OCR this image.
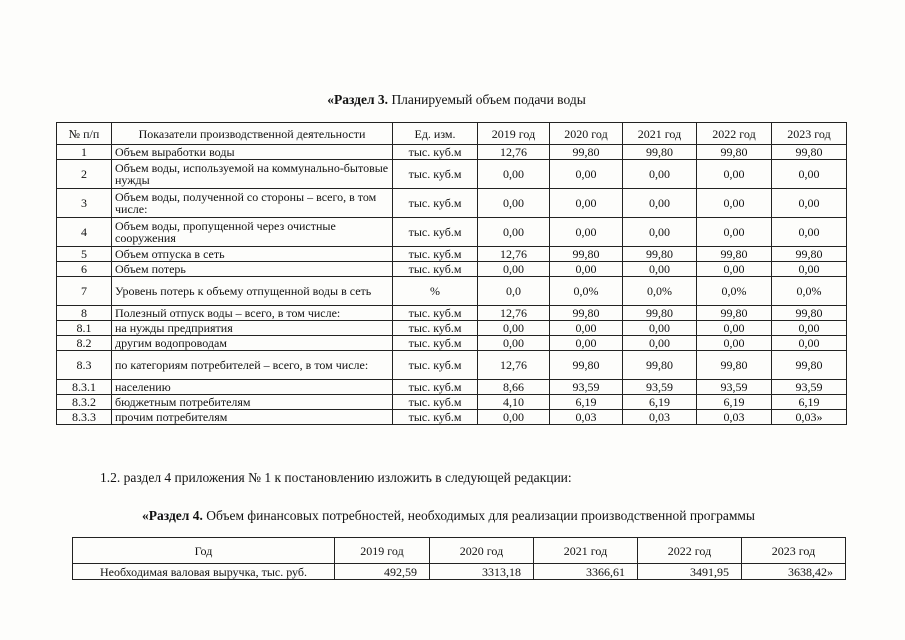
«Раздел 3. Планируемый объем подачи воды
№ п/п	Показатели производственной деятельности	Ед. изм.	2019 год	2020 год	2021 год	2022 год	2023 год
1	Объем выработки воды	тыс. куб.м	12,76	99,80	99,80	99,80	99,80
2	Объем воды, используемой на коммунально-бытовые нужды	тыс. куб.м	0,00	0,00	0,00	0,00	0,00
3	Объем воды, полученной со стороны – всего, в том числе:	тыс. куб.м	0,00	0,00	0,00	0,00	0,00
4	Объем воды, пропущенной через очистные сооружения	тыс. куб.м	0,00	0,00	0,00	0,00	0,00
5	Объем отпуска в сеть	тыс. куб.м	12,76	99,80	99,80	99,80	99,80
6	Объем потерь	тыс. куб.м	0,00	0,00	0,00	0,00	0,00
7	Уровень потерь к объему отпущенной воды в сеть	%	0,0	0,0%	0,0%	0,0%	0,0%
8	Полезный отпуск воды – всего, в том числе:	тыс. куб.м	12,76	99,80	99,80	99,80	99,80
8.1	на нужды предприятия	тыс. куб.м	0,00	0,00	0,00	0,00	0,00
8.2	другим водопроводам	тыс. куб.м	0,00	0,00	0,00	0,00	0,00
8.3	по категориям потребителей – всего, в том числе:	тыс. куб.м	12,76	99,80	99,80	99,80	99,80
8.3.1	населению	тыс. куб.м	8,66	93,59	93,59	93,59	93,59
8.3.2	бюджетным потребителям	тыс. куб.м	4,10	6,19	6,19	6,19	6,19
8.3.3	прочим потребителям	тыс. куб.м	0,00	0,03	0,03	0,03	0,03»
1.2. раздел 4 приложения № 1 к постановлению изложить в следующей редакции:
«Раздел 4. Объем финансовых потребностей, необходимых для реализации производственной программы
Год	2019 год	2020 год	2021 год	2022 год	2023 год
Необходимая валовая выручка, тыс. руб.	492,59	3313,18	3366,61	3491,95	3638,42»
